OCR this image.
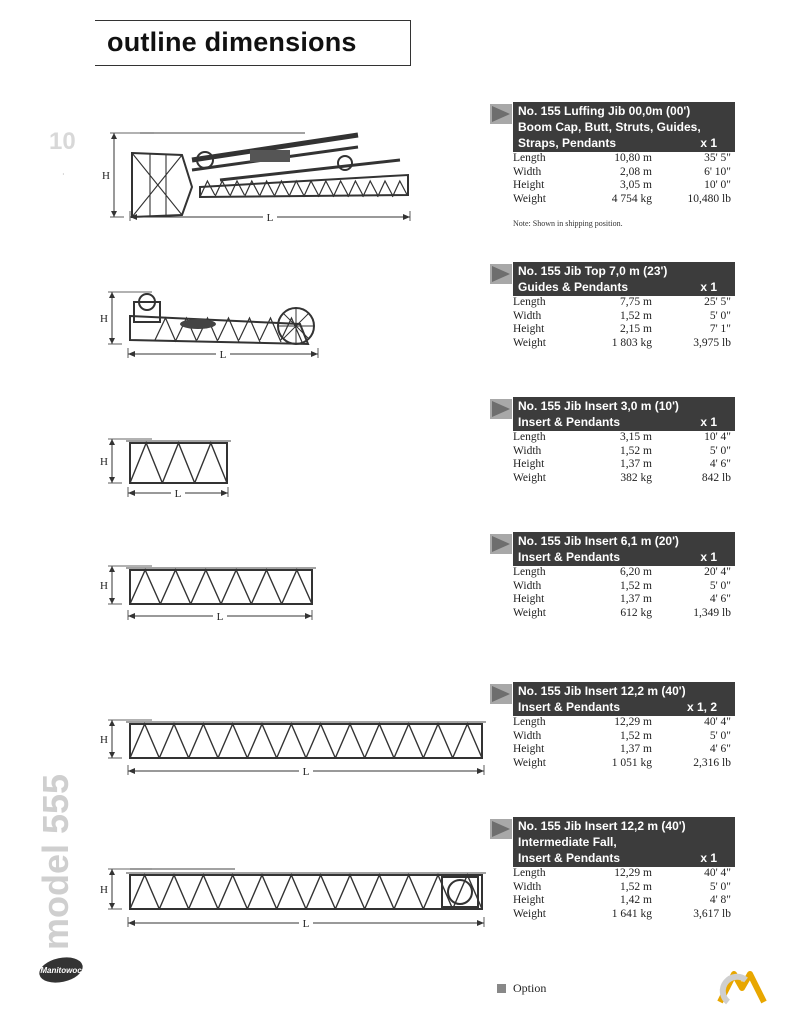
outline dimensions
10
·
model 555
Manitowoc
H
L
H
L
H
L
H
L
H
L
H
L
No. 155 Luffing Jib 00,0m (00')
Boom Cap, Butt, Struts, Guides,
Straps, Pendants	x 1
Length	10,80 m	35' 5"
Width	2,08 m	6' 10"
Height	3,05 m	10' 0"
Weight	4 754 kg	10,480 lb
No. 155 Jib Top 7,0 m (23')
Guides & Pendants	x 1
Length	7,75 m	25' 5"
Width	1,52 m	5' 0"
Height	2,15 m	7' 1"
Weight	1 803 kg	3,975 lb
No. 155 Jib Insert 3,0 m (10')
Insert & Pendants	x 1
Length	3,15 m	10' 4"
Width	1,52 m	5' 0"
Height	1,37 m	4' 6"
Weight	382 kg	842 lb
No. 155 Jib Insert 6,1 m (20')
Insert & Pendants	x 1
Length	6,20 m	20' 4"
Width	1,52 m	5' 0"
Height	1,37 m	4' 6"
Weight	612 kg	1,349 lb
No. 155 Jib Insert 12,2 m (40')
Insert & Pendants	x 1, 2
Length	12,29 m	40' 4"
Width	1,52 m	5' 0"
Height	1,37 m	4' 6"
Weight	1 051 kg	2,316 lb
No. 155 Jib Insert 12,2 m (40')
Intermediate Fall,
Insert & Pendants	x 1
Length	12,29 m	40' 4"
Width	1,52 m	5' 0"
Height	1,42 m	4' 8"
Weight	1 641 kg	3,617 lb
Note: Shown in shipping position.
Option
